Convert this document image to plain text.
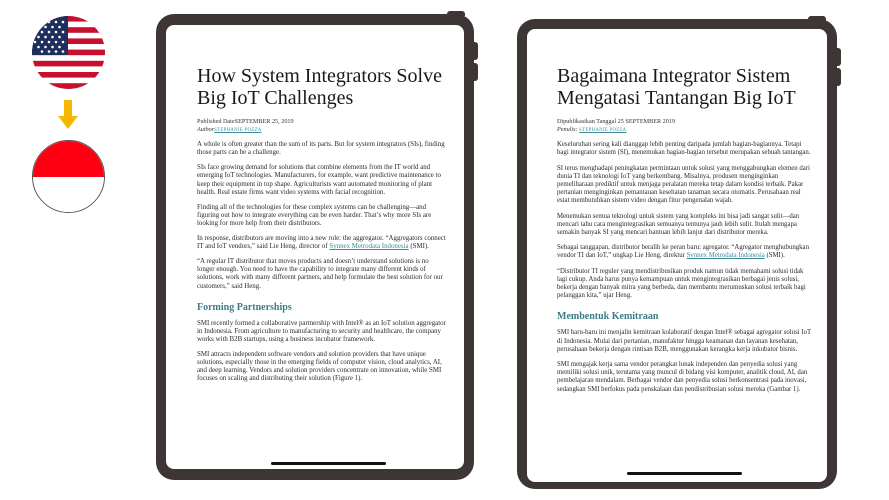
How System Integrators Solve Big IoT Challenges
Published DateSEPTEMBER 25, 2019
AuthorSTEPHANIE POZZA

A whole is often greater than the sum of its parts. But for system integrators (SIs), finding those parts can be a challenge.

SIs face growing demand for solutions that combine elements from the IT world and emerging IoT technologies. Manufacturers, for example, want predictive maintenance to keep their equipment in top shape. Agriculturists want automated monitoring of plant health. Real estate firms want video systems with facial recognition.

Finding all of the technologies for these complex systems can be challenging—and figuring out how to integrate everything can be even harder. That’s why more SIs are looking for more help from their distributors.

In response, distributors are moving into a new role: the aggregator. “Aggregators connect IT and IoT vendors,” said Lie Heng, director of Synnex Metrodata Indonesia (SMI).

“A regular IT distributor that moves products and doesn’t understand solutions is no longer enough. You need to have the capability to integrate many different kinds of solutions, work with many different partners, and help formulate the best solution for our customers,” said Heng.

Forming Partnerships

SMI recently formed a collaborative partnership with Intel® as an IoT solution aggregator in Indonesia. From agriculture to manufacturing to security and healthcare, the company works with B2B startups, using a business incubator framework.

SMI attracts independent software vendors and solution providers that have unique solutions, especially those in the emerging fields of computer vision, cloud analytics, AI, and deep learning. Vendors and solution providers concentrate on innovation, while SMI focuses on scaling and distributing their solution (Figure 1).

Bagaimana Integrator Sistem Mengatasi Tantangan Big IoT
Dipublikasikan Tanggal 25 SEPTEMBER 2019
Penulis: STEPHANIE POZZA

Keseluruhan sering kali dianggap lebih penting daripada jumlah bagian-bagiannya. Tetapi bagi integrator sistem (SI), menemukan bagian-bagian tersebut merupakan sebuah tantangan.

SI terus menghadapi peningkatan permintaan untuk solusi yang menggabungkan elemen dari dunia TI dan teknologi IoT yang berkembang. Misalnya, produsen menginginkan pemeliharaan prediktif untuk menjaga peralatan mereka tetap dalam kondisi terbaik. Pakar pertanian menginginkan pemantauan kesehatan tanaman secara otomatis. Perusahaan real estat membutuhkan sistem video dengan fitur pengenalan wajah.

Menemukan semua teknologi untuk sistem yang kompleks ini bisa jadi sangat sulit—dan mencari tahu cara mengintegrasikan semuanya tentunya jauh lebih sulit. Itulah mengapa semakin banyak SI yang mencari bantuan lebih lanjut dari distributor mereka.

Sebagai tanggapan, distributor beralih ke peran baru: agregator. “Agregator menghubungkan vendor TI dan IoT,” ungkap Lie Heng, direktur Synnex Metrodata Indonesia (SMI).

“Distributor TI reguler yang mendistribusikan produk namun tidak memahami solusi tidak lagi cukup. Anda harus punya kemampuan untuk mengintegrasikan berbagai jenis solusi, bekerja dengan banyak mitra yang berbeda, dan membantu merumuskan solusi terbaik bagi pelanggan kita,” ujar Heng.

Membentuk Kemitraan

SMI baru-baru ini menjalin kemitraan kolaboratif dengan Intel® sebagai agregator solusi IoT di Indonesia. Mulai dari pertanian, manufaktur hingga keamanan dan layanan kesehatan, perusahaan bekerja dengan rintisan B2B, menggunakan kerangka kerja inkubator bisnis.

SMI mengajak kerja sama vendor perangkat lunak independen dan penyedia solusi yang memiliki solusi unik, terutama yang muncul di bidang visi komputer, analitik cloud, AI, dan pembelajaran mendalam. Berbagai vendor dan penyedia solusi berkonsentrasi pada inovasi, sedangkan SMI berfokus pada penskalaan dan pendistribusian solusi mereka (Gambar 1).
